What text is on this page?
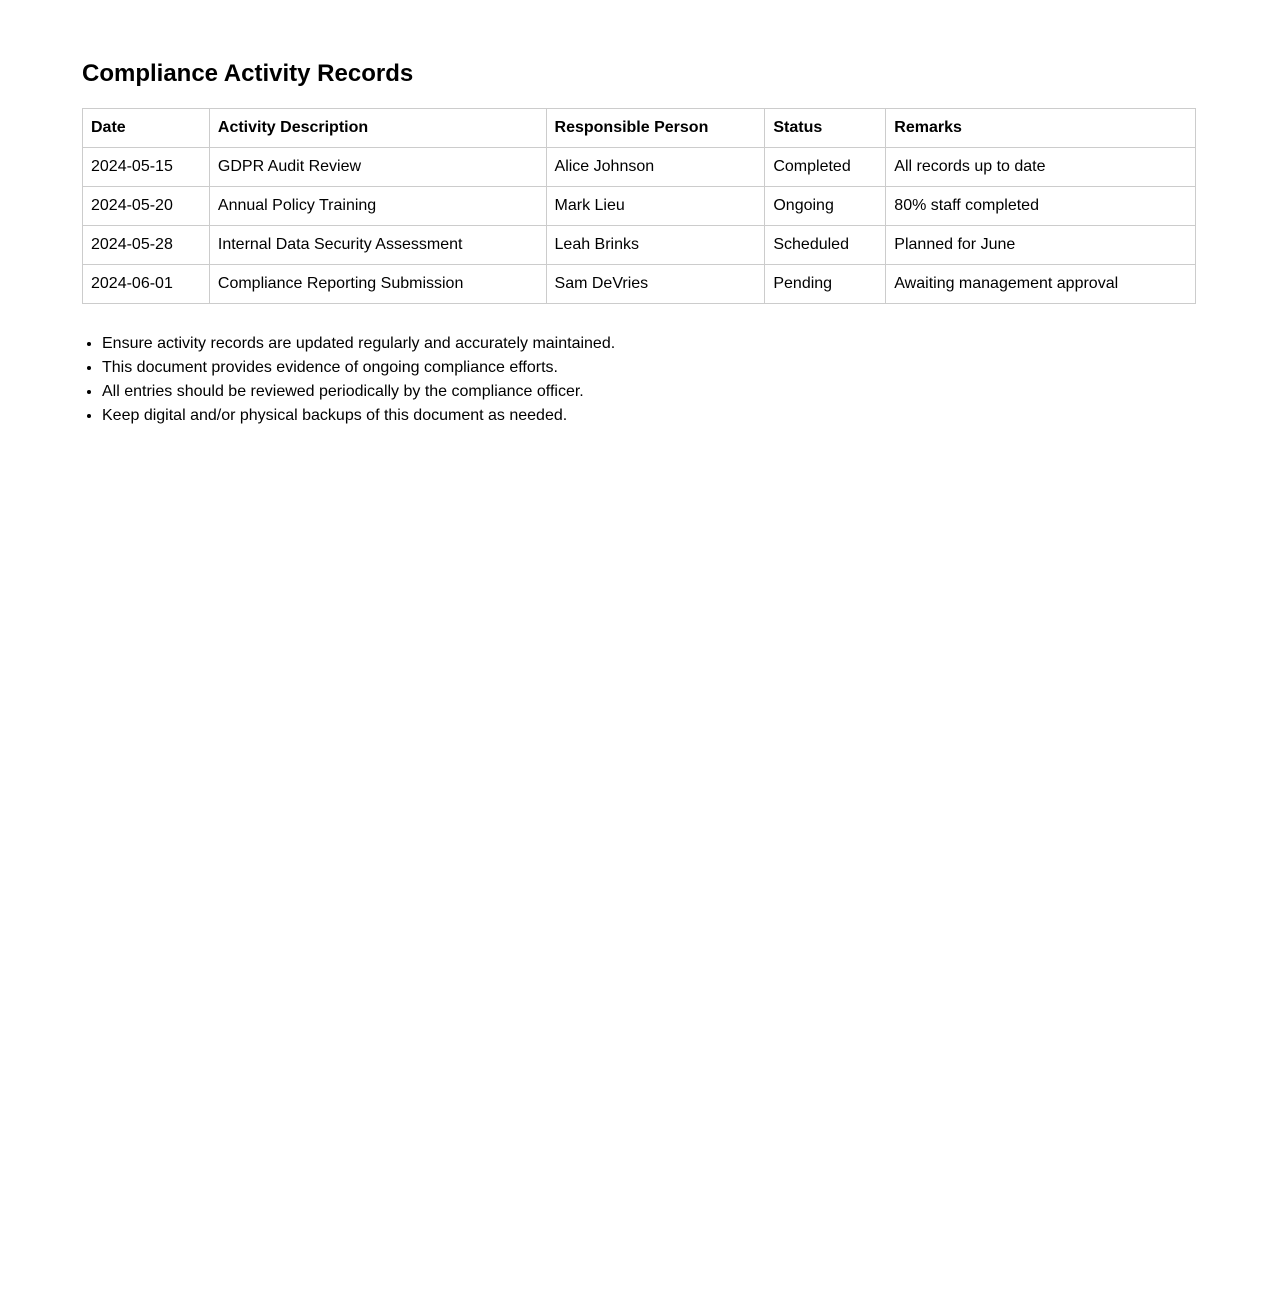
Compliance Activity Records
Date	Activity Description	Responsible Person	Status	Remarks
2024-05-15	GDPR Audit Review	Alice Johnson	Completed	All records up to date
2024-05-20	Annual Policy Training	Mark Lieu	Ongoing	80% staff completed
2024-05-28	Internal Data Security Assessment	Leah Brinks	Scheduled	Planned for June
2024-06-01	Compliance Reporting Submission	Sam DeVries	Pending	Awaiting management approval
• Ensure activity records are updated regularly and accurately maintained.
• This document provides evidence of ongoing compliance efforts.
• All entries should be reviewed periodically by the compliance officer.
• Keep digital and/or physical backups of this document as needed.
